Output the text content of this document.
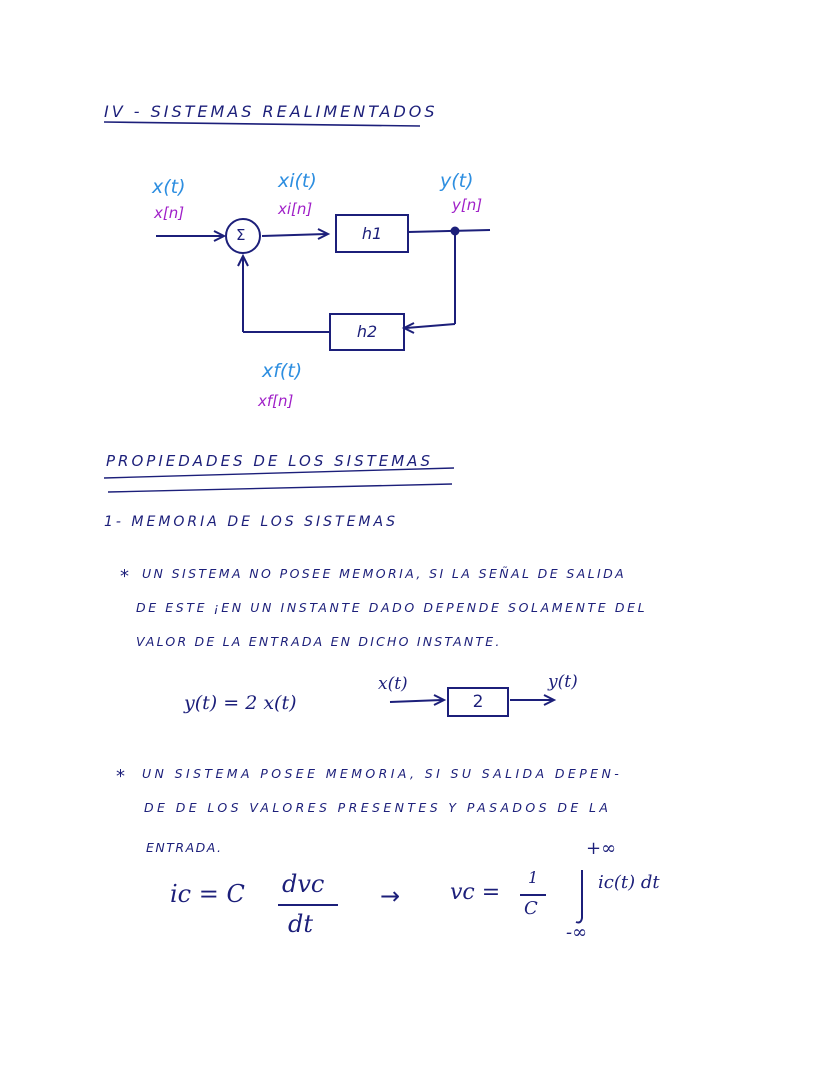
IV - SISTEMAS REALIMENTADOS
x(t)
x[n]
Σ
xi(t)
xi[n]
h1
h2
y(t)
y[n]
xf(t)
xf[n]
PROPIEDADES DE LOS SISTEMAS
1- MEMORIA DE LOS SISTEMAS
* UN SISTEMA NO POSEE MEMORIA, SI LA SEÑAL DE SALIDA
DE ESTE ¡EN UN INSTANTE DADO DEPENDE SOLAMENTE DEL
VALOR DE LA ENTRADA EN DICHO INSTANTE.
y(t) = 2 x(t)
x(t)
2
y(t)
* UN SISTEMA POSEE MEMORIA, SI SU SALIDA DEPEN-
DE DE LOS VALORES PRESENTES Y PASADOS DE LA
ENTRADA.
ic = C dvc
dt
→ vc =
1
C
+∞
-∞
ic(t) dt
